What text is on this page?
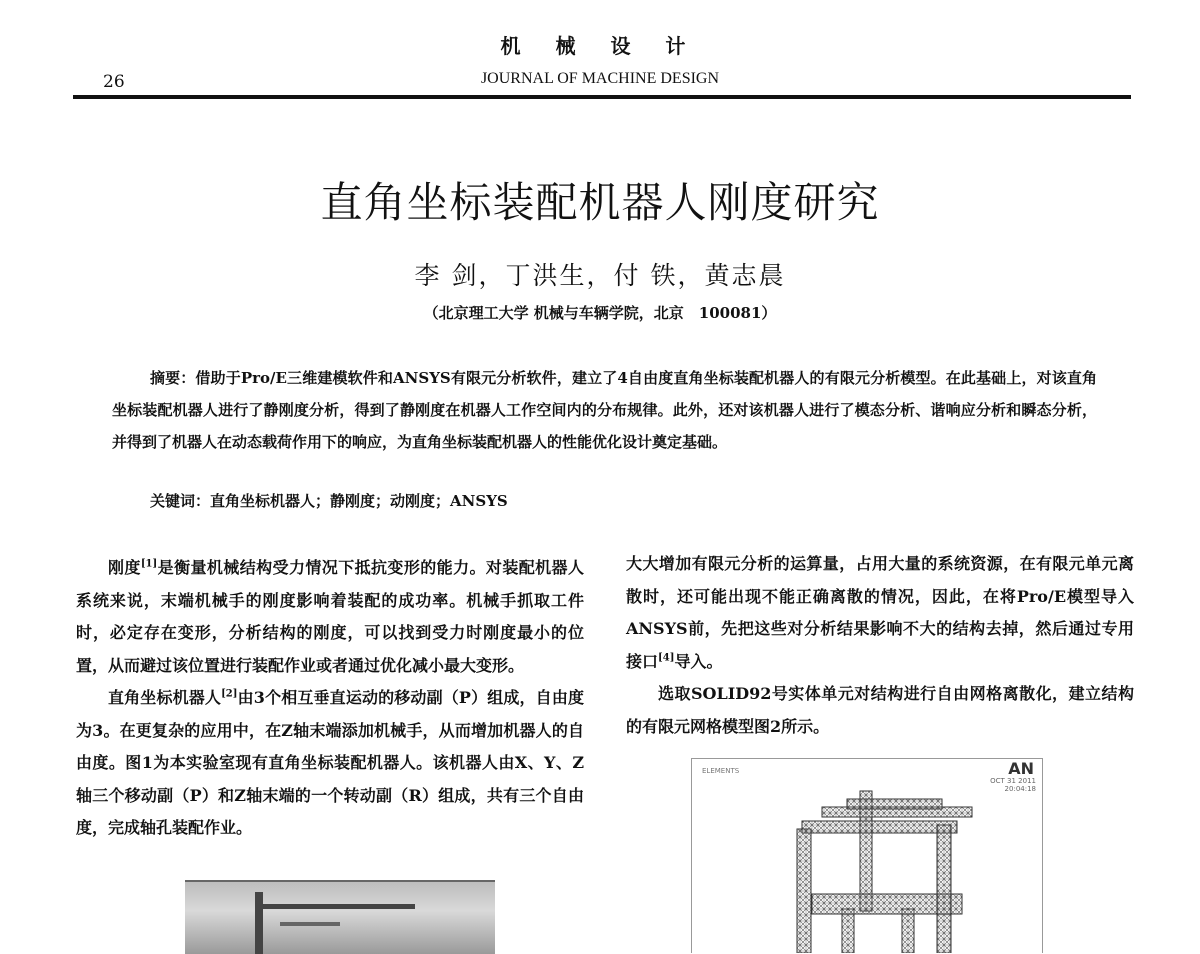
机 械 设 计
26	JOURNAL OF MACHINE DESIGN
直角坐标装配机器人刚度研究
李 剑，丁洪生，付 铁，黄志晨
（北京理工大学 机械与车辆学院，北京　100081）
摘要：借助于Pro/E三维建模软件和ANSYS有限元分析软件，建立了4自由度直角坐标装配机器人的有限元分析模型。在此基础上，对该直角坐标装配机器人进行了静刚度分析，得到了静刚度在机器人工作空间内的分布规律。此外，还对该机器人进行了模态分析、谐响应分析和瞬态分析，并得到了机器人在动态载荷作用下的响应，为直角坐标装配机器人的性能优化设计奠定基础。
关键词：直角坐标机器人；静刚度；动刚度；ANSYS

刚度[1]是衡量机械结构受力情况下抵抗变形的能力。对装配机器人系统来说，末端机械手的刚度影响着装配的成功率。机械手抓取工件时，必定存在变形，分析结构的刚度，可以找到受力时刚度最小的位置，从而避过该位置进行装配作业或者通过优化减小最大变形。

直角坐标机器人[2]由3个相互垂直运动的移动副（P）组成，自由度为3。在更复杂的应用中，在Z轴末端添加机械手，从而增加机器人的自由度。图1为本实验室现有直角坐标装配机器人。该机器人由X、Y、Z轴三个移动副（P）和Z轴末端的一个转动副（R）组成，共有三个自由度，完成轴孔装配作业。

大大增加有限元分析的运算量，占用大量的系统资源，在有限元单元离散时，还可能出现不能正确离散的情况，因此，在将Pro/E模型导入ANSYS前，先把这些对分析结果影响不大的结构去掉，然后通过专用接口[4]导入。

选取SOLID92号实体单元对结构进行自由网格离散化，建立结构的有限元网格模型图2所示。

ELEMENTS	AN
OCT 31 2011
20:04:18
